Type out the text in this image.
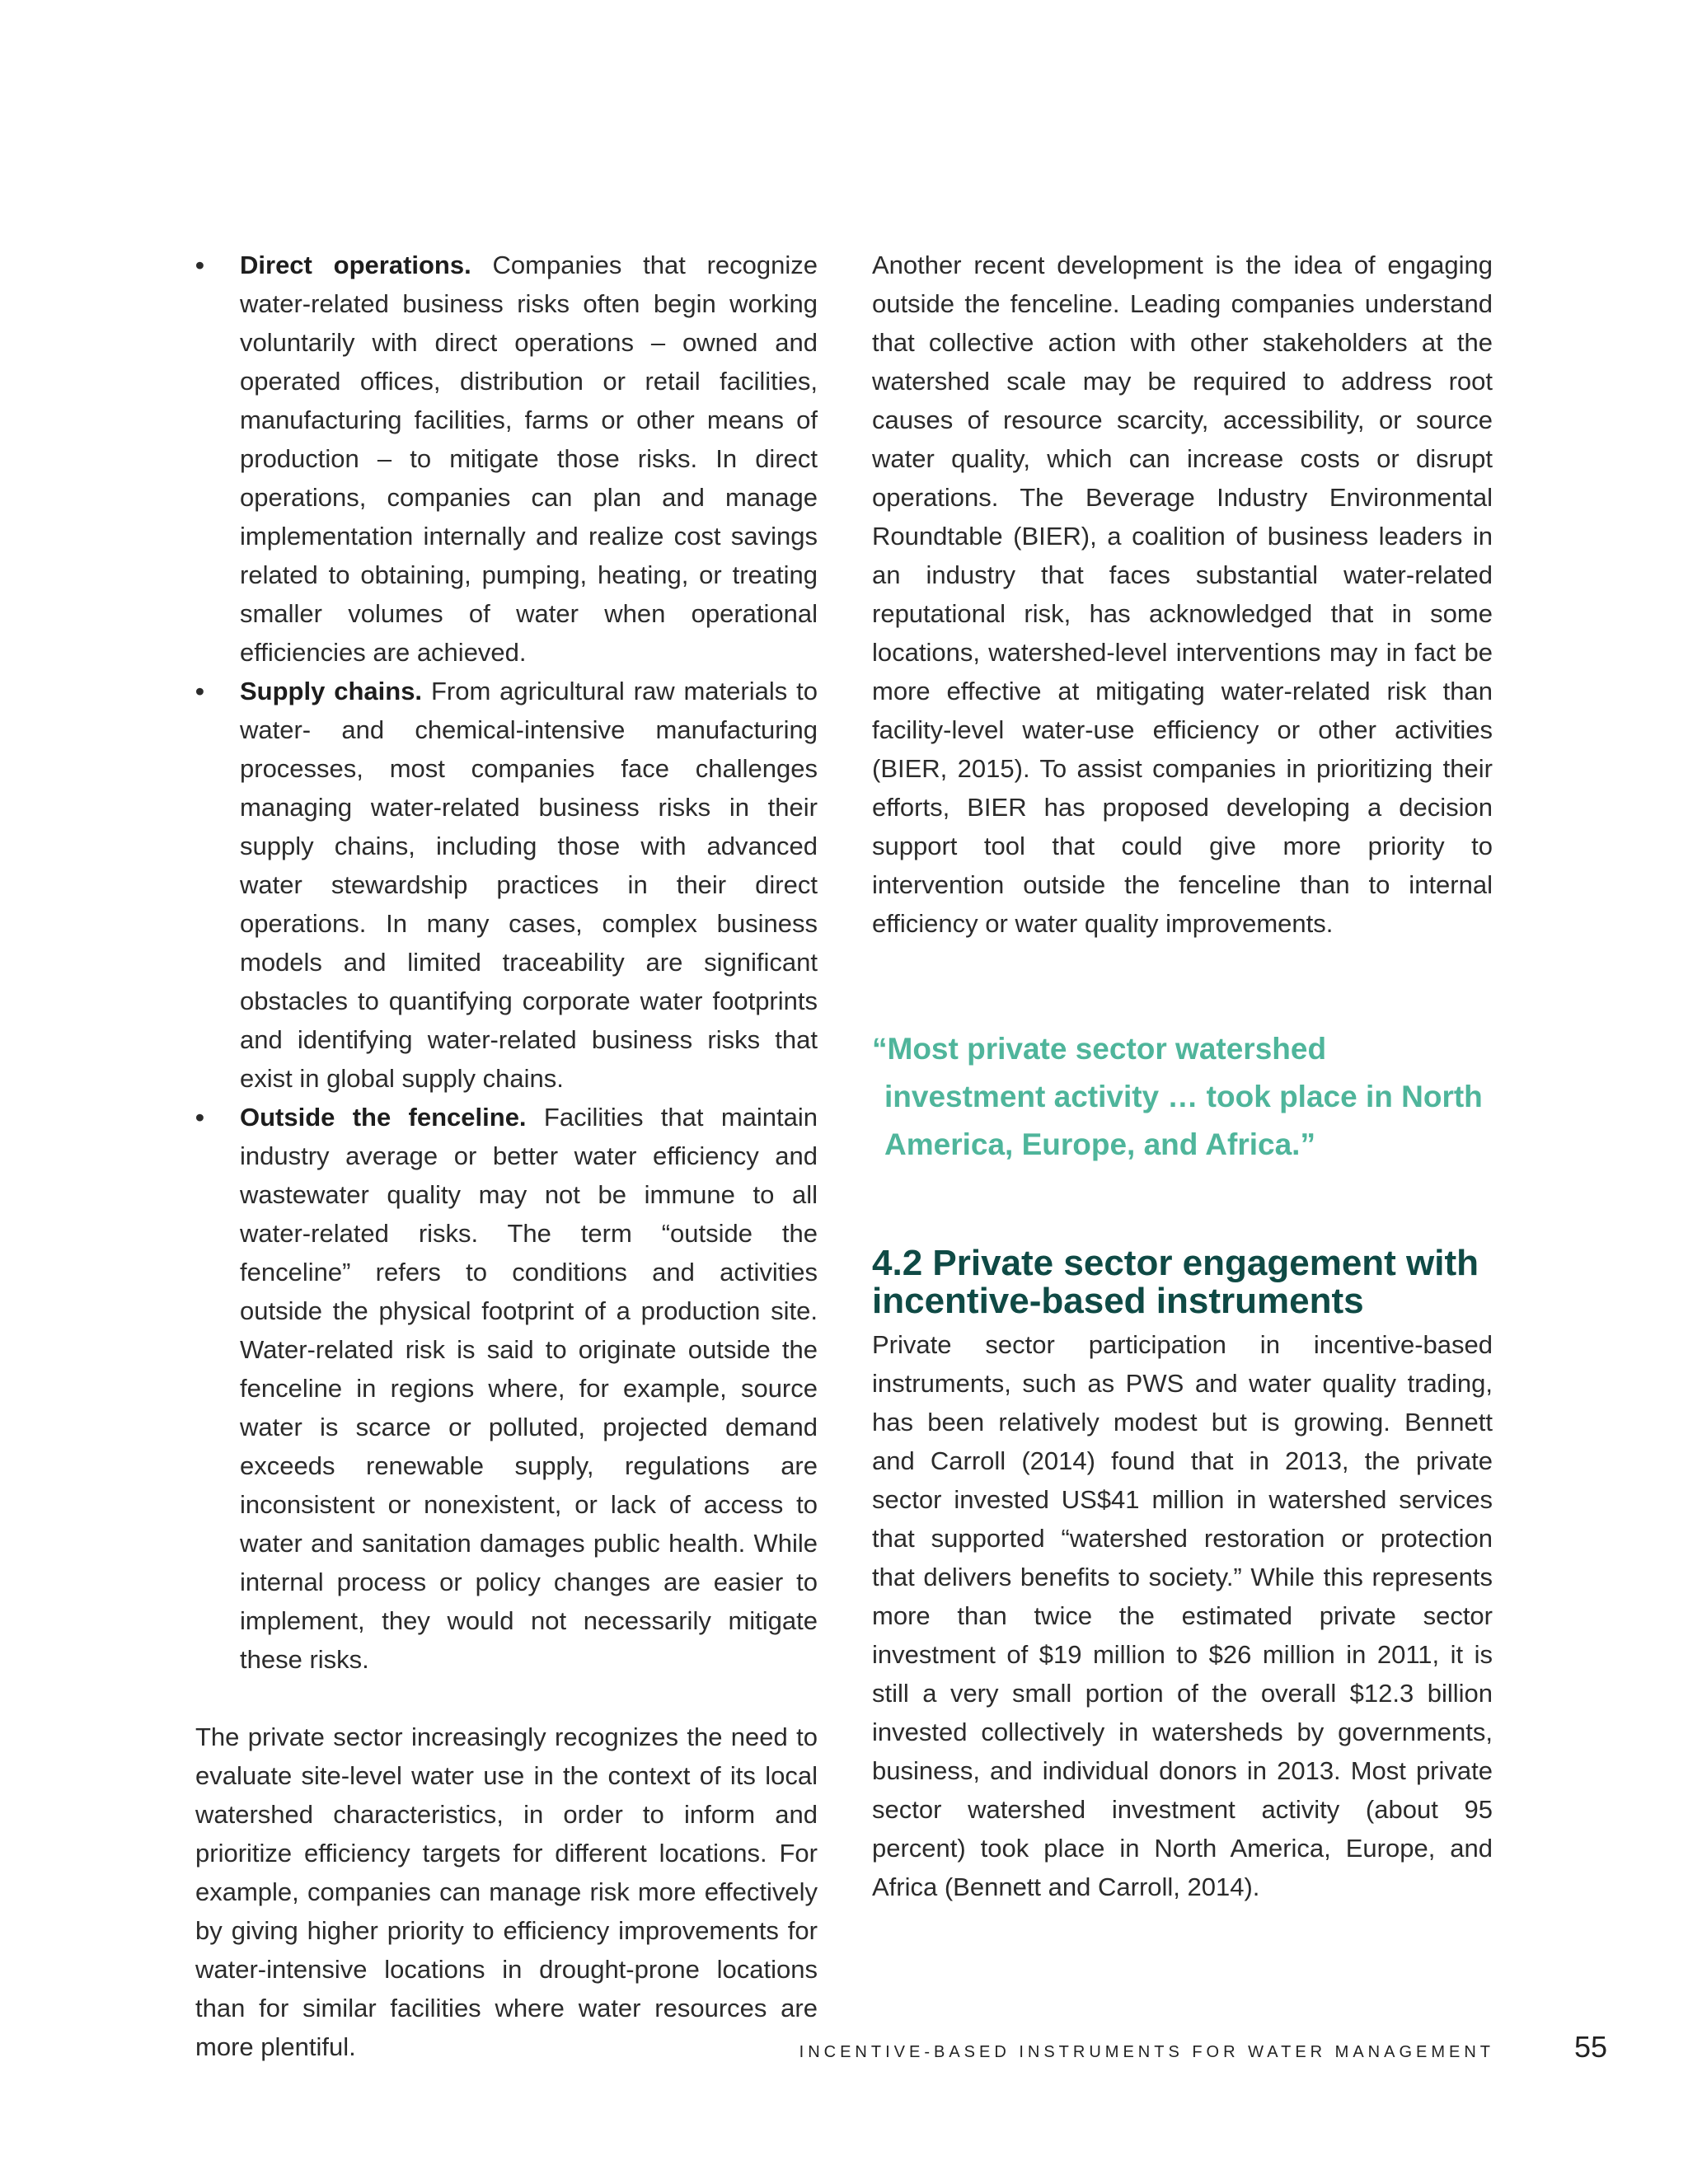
• Direct operations. Companies that recognize water-related business risks often begin working voluntarily with direct operations – owned and operated offices, distribution or retail facilities, manufacturing facilities, farms or other means of production – to mitigate those risks. In direct operations, companies can plan and manage implementation internally and realize cost savings related to obtaining, pumping, heating, or treating smaller volumes of water when operational efficiencies are achieved.
• Supply chains. From agricultural raw materials to water- and chemical-intensive manufacturing processes, most companies face challenges managing water-related business risks in their supply chains, including those with advanced water stewardship practices in their direct operations. In many cases, complex business models and limited traceability are significant obstacles to quantifying corporate water footprints and identifying water-related business risks that exist in global supply chains.
• Outside the fenceline. Facilities that maintain industry average or better water efficiency and wastewater quality may not be immune to all water-related risks. The term “outside the fenceline” refers to conditions and activities outside the physical footprint of a production site. Water-related risk is said to originate outside the fenceline in regions where, for example, source water is scarce or polluted, projected demand exceeds renewable supply, regulations are inconsistent or nonexistent, or lack of access to water and sanitation damages public health. While internal process or policy changes are easier to implement, they would not necessarily mitigate these risks.

The private sector increasingly recognizes the need to evaluate site-level water use in the context of its local watershed characteristics, in order to inform and prioritize efficiency targets for different locations. For example, companies can manage risk more effectively by giving higher priority to efficiency improvements for water-intensive locations in drought-prone locations than for similar facilities where water resources are more plentiful.

Another recent development is the idea of engaging outside the fenceline. Leading companies understand that collective action with other stakeholders at the watershed scale may be required to address root causes of resource scarcity, accessibility, or source water quality, which can increase costs or disrupt operations. The Beverage Industry Environmental Roundtable (BIER), a coalition of business leaders in an industry that faces substantial water-related reputational risk, has acknowledged that in some locations, watershed-level interventions may in fact be more effective at mitigating water-related risk than facility-level water-use efficiency or other activities (BIER, 2015). To assist companies in prioritizing their efforts, BIER has proposed developing a decision support tool that could give more priority to intervention outside the fenceline than to internal efficiency or water quality improvements.

“Most private sector watershed investment activity … took place in North America, Europe, and Africa.”
4.2 Private sector engagement with incentive-based instruments

Private sector participation in incentive-based instruments, such as PWS and water quality trading, has been relatively modest but is growing. Bennett and Carroll (2014) found that in 2013, the private sector invested US$41 million in watershed services that supported “watershed restoration or protection that delivers benefits to society.” While this represents more than twice the estimated private sector investment of $19 million to $26 million in 2011, it is still a very small portion of the overall $12.3 billion invested collectively in watersheds by governments, business, and individual donors in 2013. Most private sector watershed investment activity (about 95 percent) took place in North America, Europe, and Africa (Bennett and Carroll, 2014).

INCENTIVE-BASED INSTRUMENTS FOR WATER MANAGEMENT	55
